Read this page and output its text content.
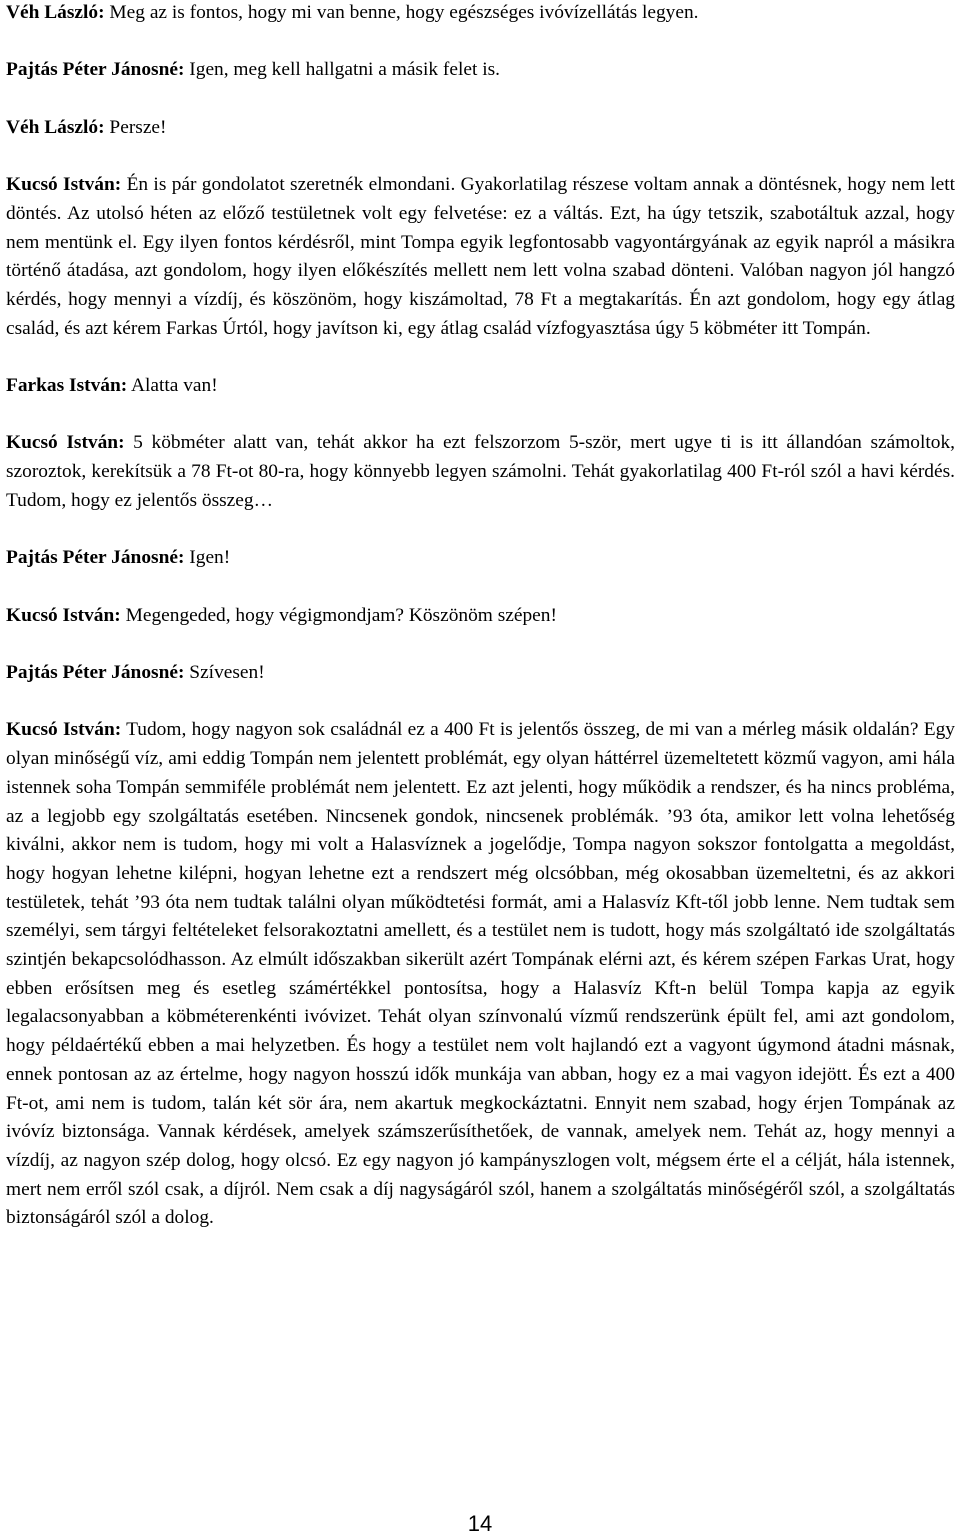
Véh László: Meg az is fontos, hogy mi van benne, hogy egészséges ivóvízellátás legyen.

Pajtás Péter Jánosné: Igen, meg kell hallgatni a másik felet is.

Véh László: Persze!

Kucsó István: Én is pár gondolatot szeretnék elmondani. Gyakorlatilag részese voltam annak a döntésnek, hogy nem lett döntés. Az utolsó héten az előző testületnek volt egy felvetése: ez a váltás. Ezt, ha úgy tetszik, szabotáltuk azzal, hogy nem mentünk el. Egy ilyen fontos kérdésről, mint Tompa egyik legfontosabb vagyontárgyának az egyik napról a másikra történő átadása, azt gondolom, hogy ilyen előkészítés mellett nem lett volna szabad dönteni. Valóban nagyon jól hangzó kérdés, hogy mennyi a vízdíj, és köszönöm, hogy kiszámoltad, 78 Ft a megtakarítás. Én azt gondolom, hogy egy átlag család, és azt kérem Farkas Úrtól, hogy javítson ki, egy átlag család vízfogyasztása úgy 5 köbméter itt Tompán.

Farkas István: Alatta van!

Kucsó István: 5 köbméter alatt van, tehát akkor ha ezt felszorzom 5-ször, mert ugye ti is itt állandóan számoltok, szoroztok, kerekítsük a 78 Ft-ot 80-ra, hogy könnyebb legyen számolni. Tehát gyakorlatilag 400 Ft-ról szól a havi kérdés. Tudom, hogy ez jelentős összeg…

Pajtás Péter Jánosné: Igen!

Kucsó István: Megengeded, hogy végigmondjam? Köszönöm szépen!

Pajtás Péter Jánosné: Szívesen!

Kucsó István: Tudom, hogy nagyon sok családnál ez a 400 Ft is jelentős összeg, de mi van a mérleg másik oldalán? Egy olyan minőségű víz, ami eddig Tompán nem jelentett problémát, egy olyan háttérrel üzemeltetett közmű vagyon, ami hála istennek soha Tompán semmiféle problémát nem jelentett. Ez azt jelenti, hogy működik a rendszer, és ha nincs probléma, az a legjobb egy szolgáltatás esetében. Nincsenek gondok, nincsenek problémák. ’93 óta, amikor lett volna lehetőség kiválni, akkor nem is tudom, hogy mi volt a Halasvíznek a jogelődje, Tompa nagyon sokszor fontolgatta a megoldást, hogy hogyan lehetne kilépni, hogyan lehetne ezt a rendszert még olcsóbban, még okosabban üzemeltetni, és az akkori testületek, tehát ’93 óta nem tudtak találni olyan működtetési formát, ami a Halasvíz Kft-től jobb lenne. Nem tudtak sem személyi, sem tárgyi feltételeket felsorakoztatni amellett, és a testület nem is tudott, hogy más szolgáltató ide szolgáltatás szintjén bekapcsolódhasson. Az elmúlt időszakban sikerült azért Tompának elérni azt, és kérem szépen Farkas Urat, hogy ebben erősítsen meg és esetleg számértékkel pontosítsa, hogy a Halasvíz Kft-n belül Tompa kapja az egyik legalacsonyabban a köbméterenkénti ivóvizet. Tehát olyan színvonalú vízmű rendszerünk épült fel, ami azt gondolom, hogy példaértékű ebben a mai helyzetben. És hogy a testület nem volt hajlandó ezt a vagyont úgymond átadni másnak, ennek pontosan az az értelme, hogy nagyon hosszú idők munkája van abban, hogy ez a mai vagyon idejött. És ezt a 400 Ft-ot, ami nem is tudom, talán két sör ára, nem akartuk megkockáztatni. Ennyit nem szabad, hogy érjen Tompának az ivóvíz biztonsága. Vannak kérdések, amelyek számszerűsíthetőek, de vannak, amelyek nem. Tehát az, hogy mennyi a vízdíj, az nagyon szép dolog, hogy olcsó. Ez egy nagyon jó kampányszlogen volt, mégsem érte el a célját, hála istennek, mert nem erről szól csak, a díjról. Nem csak a díj nagyságáról szól, hanem a szolgáltatás minőségéről szól, a szolgáltatás biztonságáról szól a dolog.

14
